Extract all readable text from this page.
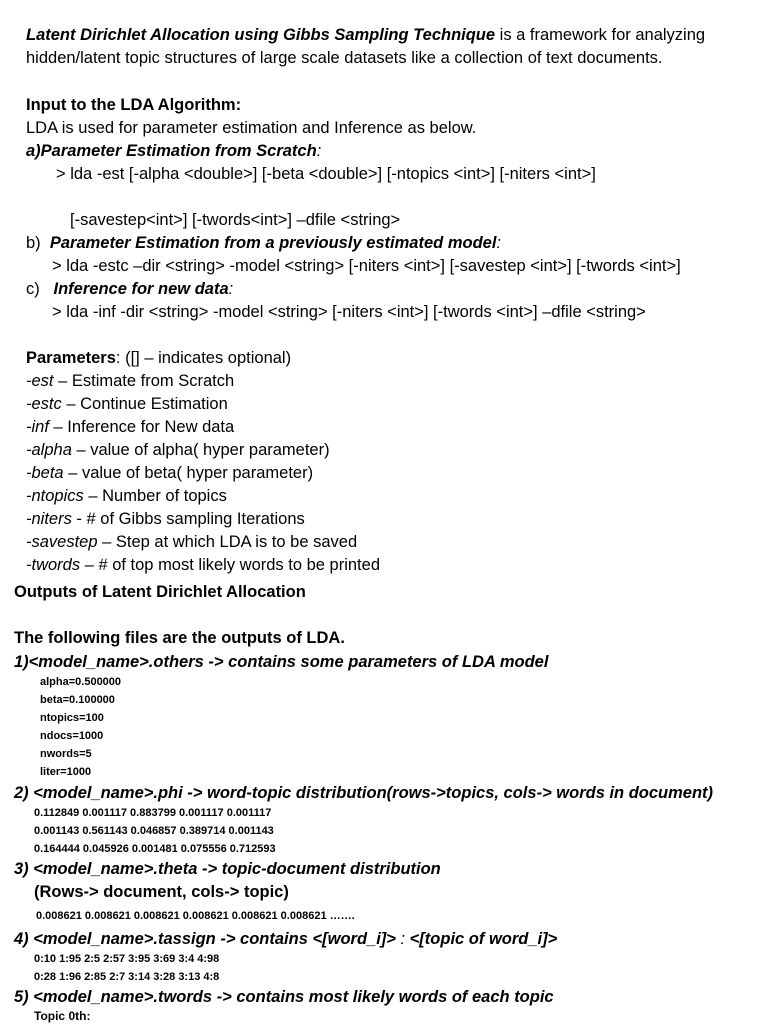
Latent Dirichlet Allocation using Gibbs Sampling Technique is a framework for analyzing
hidden/latent topic structures of large scale datasets like a collection of text documents.
Input to the LDA Algorithm:
LDA is used for parameter estimation and Inference as below.
a)Parameter Estimation from Scratch:
> lda -est [-alpha <double>] [-beta <double>] [-ntopics <int>] [-niters <int>]
[-savestep<int>] [-twords<int>] –dfile <string>
b) Parameter Estimation from a previously estimated model:
> lda -estc –dir <string> -model <string> [-niters <int>] [-savestep <int>] [-twords <int>]
c) Inference for new data:
> lda -inf -dir <string> -model <string> [-niters <int>] [-twords <int>] –dfile <string>
Parameters: ([] – indicates optional)
-est – Estimate from Scratch
-estc – Continue Estimation
-inf – Inference for New data
-alpha – value of alpha( hyper parameter)
-beta – value of beta( hyper parameter)
-ntopics – Number of topics
-niters - # of Gibbs sampling Iterations
-savestep – Step at which LDA is to be saved
-twords – # of top most likely words to be printed
Outputs of Latent Dirichlet Allocation
The following files are the outputs of LDA.
1)<model_name>.others -> contains some parameters of LDA model
alpha=0.500000
beta=0.100000
ntopics=100
ndocs=1000
nwords=5
liter=1000
2) <model_name>.phi -> word-topic distribution(rows->topics, cols-> words in document)
0.112849 0.001117 0.883799 0.001117 0.001117
0.001143 0.561143 0.046857 0.389714 0.001143
0.164444 0.045926 0.001481 0.075556 0.712593
3) <model_name>.theta -> topic-document distribution
(Rows-> document, cols-> topic)
0.008621 0.008621 0.008621 0.008621 0.008621 0.008621 …….
4) <model_name>.tassign -> contains <[word_i]> : <[topic of word_i]>
0:10 1:95 2:5 2:57 3:95 3:69 3:4 4:98
0:28 1:96 2:85 2:7 3:14 3:28 3:13 4:8
5) <model_name>.twords -> contains most likely words of each topic
Topic 0th:
